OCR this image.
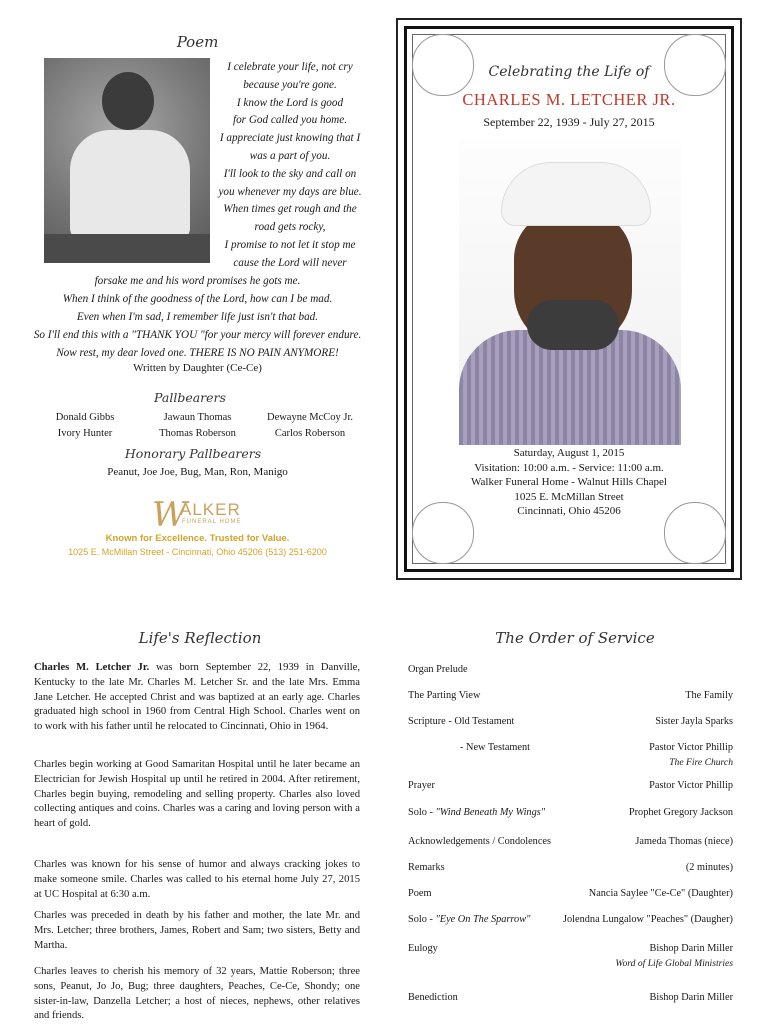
Poem
I celebrate your life, not cry
because you're gone.
I know the Lord is good
for God called you home.
I appreciate just knowing that I
was a part of you.
I'll look to the sky and call on
you whenever my days are blue.
When times get rough and the
road gets rocky,
I promise to not let it stop me
cause the Lord will never
forsake me and his word promises he gots me.
When I think of the goodness of the Lord, how can I be mad.
Even when I'm sad, I remember life just isn't that bad.
So I'll end this with a "THANK YOU "for your mercy will forever endure.
Now rest, my dear loved one. THERE IS NO PAIN ANYMORE!
Written by Daughter (Ce-Ce)
Pallbearers
Donald Gibbs	Jawaun Thomas	Dewayne McCoy Jr.
Ivory Hunter	Thomas Roberson	Carlos Roberson
Honorary Pallbearers
Peanut, Joe Joe, Bug, Man, Ron, Manigo
W
ALKER
FUNERAL HOME
Known for Excellence. Trusted for Value.
1025 E. McMillan Street - Cincinnati, Ohio 45206 (513) 251-6200
Celebrating the Life of
CHARLES M. LETCHER JR.
September 22, 1939 - July 27, 2015
Saturday, August 1, 2015
Visitation: 10:00 a.m. - Service: 11:00 a.m.
Walker Funeral Home - Walnut Hills Chapel
1025 E. McMillan Street
Cincinnati, Ohio 45206
Life's Reflection
Charles M. Letcher Jr. was born September 22, 1939 in Danville, Kentucky to the late Mr. Charles M. Letcher Sr. and the late Mrs. Emma Jane Letcher. He accepted Christ and was baptized at an early age. Charles graduated high school in 1960 from Central High School. Charles went on to work with his father until he relocated to Cincinnati, Ohio in 1964.
Charles begin working at Good Samaritan Hospital until he later became an Electrician for Jewish Hospital up until he retired in 2004. After retirement, Charles begin buying, remodeling and selling property. Charles also loved collecting antiques and coins. Charles was a caring and loving person with a heart of gold.
Charles was known for his sense of humor and always cracking jokes to make someone smile. Charles was called to his eternal home July 27, 2015 at UC Hospital at 6:30 a.m.
Charles was preceded in death by his father and mother, the late Mr. and Mrs. Letcher; three brothers, James, Robert and Sam; two sisters, Betty and Martha.
Charles leaves to cherish his memory of 32 years, Mattie Roberson; three sons, Peanut, Jo Jo, Bug; three daughters, Peaches, Ce-Ce, Shondy; one sister-in-law, Danzella Letcher; a host of nieces, nephews, other relatives and friends.
The Order of Service
Organ Prelude
The Parting View	The Family
Scripture - Old Testament	Sister Jayla Sparks
- New Testament	Pastor Victor Phillip
The Fire Church
Prayer	Pastor Victor Phillip
Solo - "Wind Beneath My Wings"	Prophet Gregory Jackson
Acknowledgements / Condolences	Jameda Thomas (niece)
Remarks	(2 minutes)
Poem	Nancia Saylee "Ce-Ce" (Daughter)
Solo - "Eye On The Sparrow"	Jolendna Lungalow "Peaches" (Daugher)
Eulogy	Bishop Darin Miller
Word of Life Global Ministries
Benediction	Bishop Darin Miller
